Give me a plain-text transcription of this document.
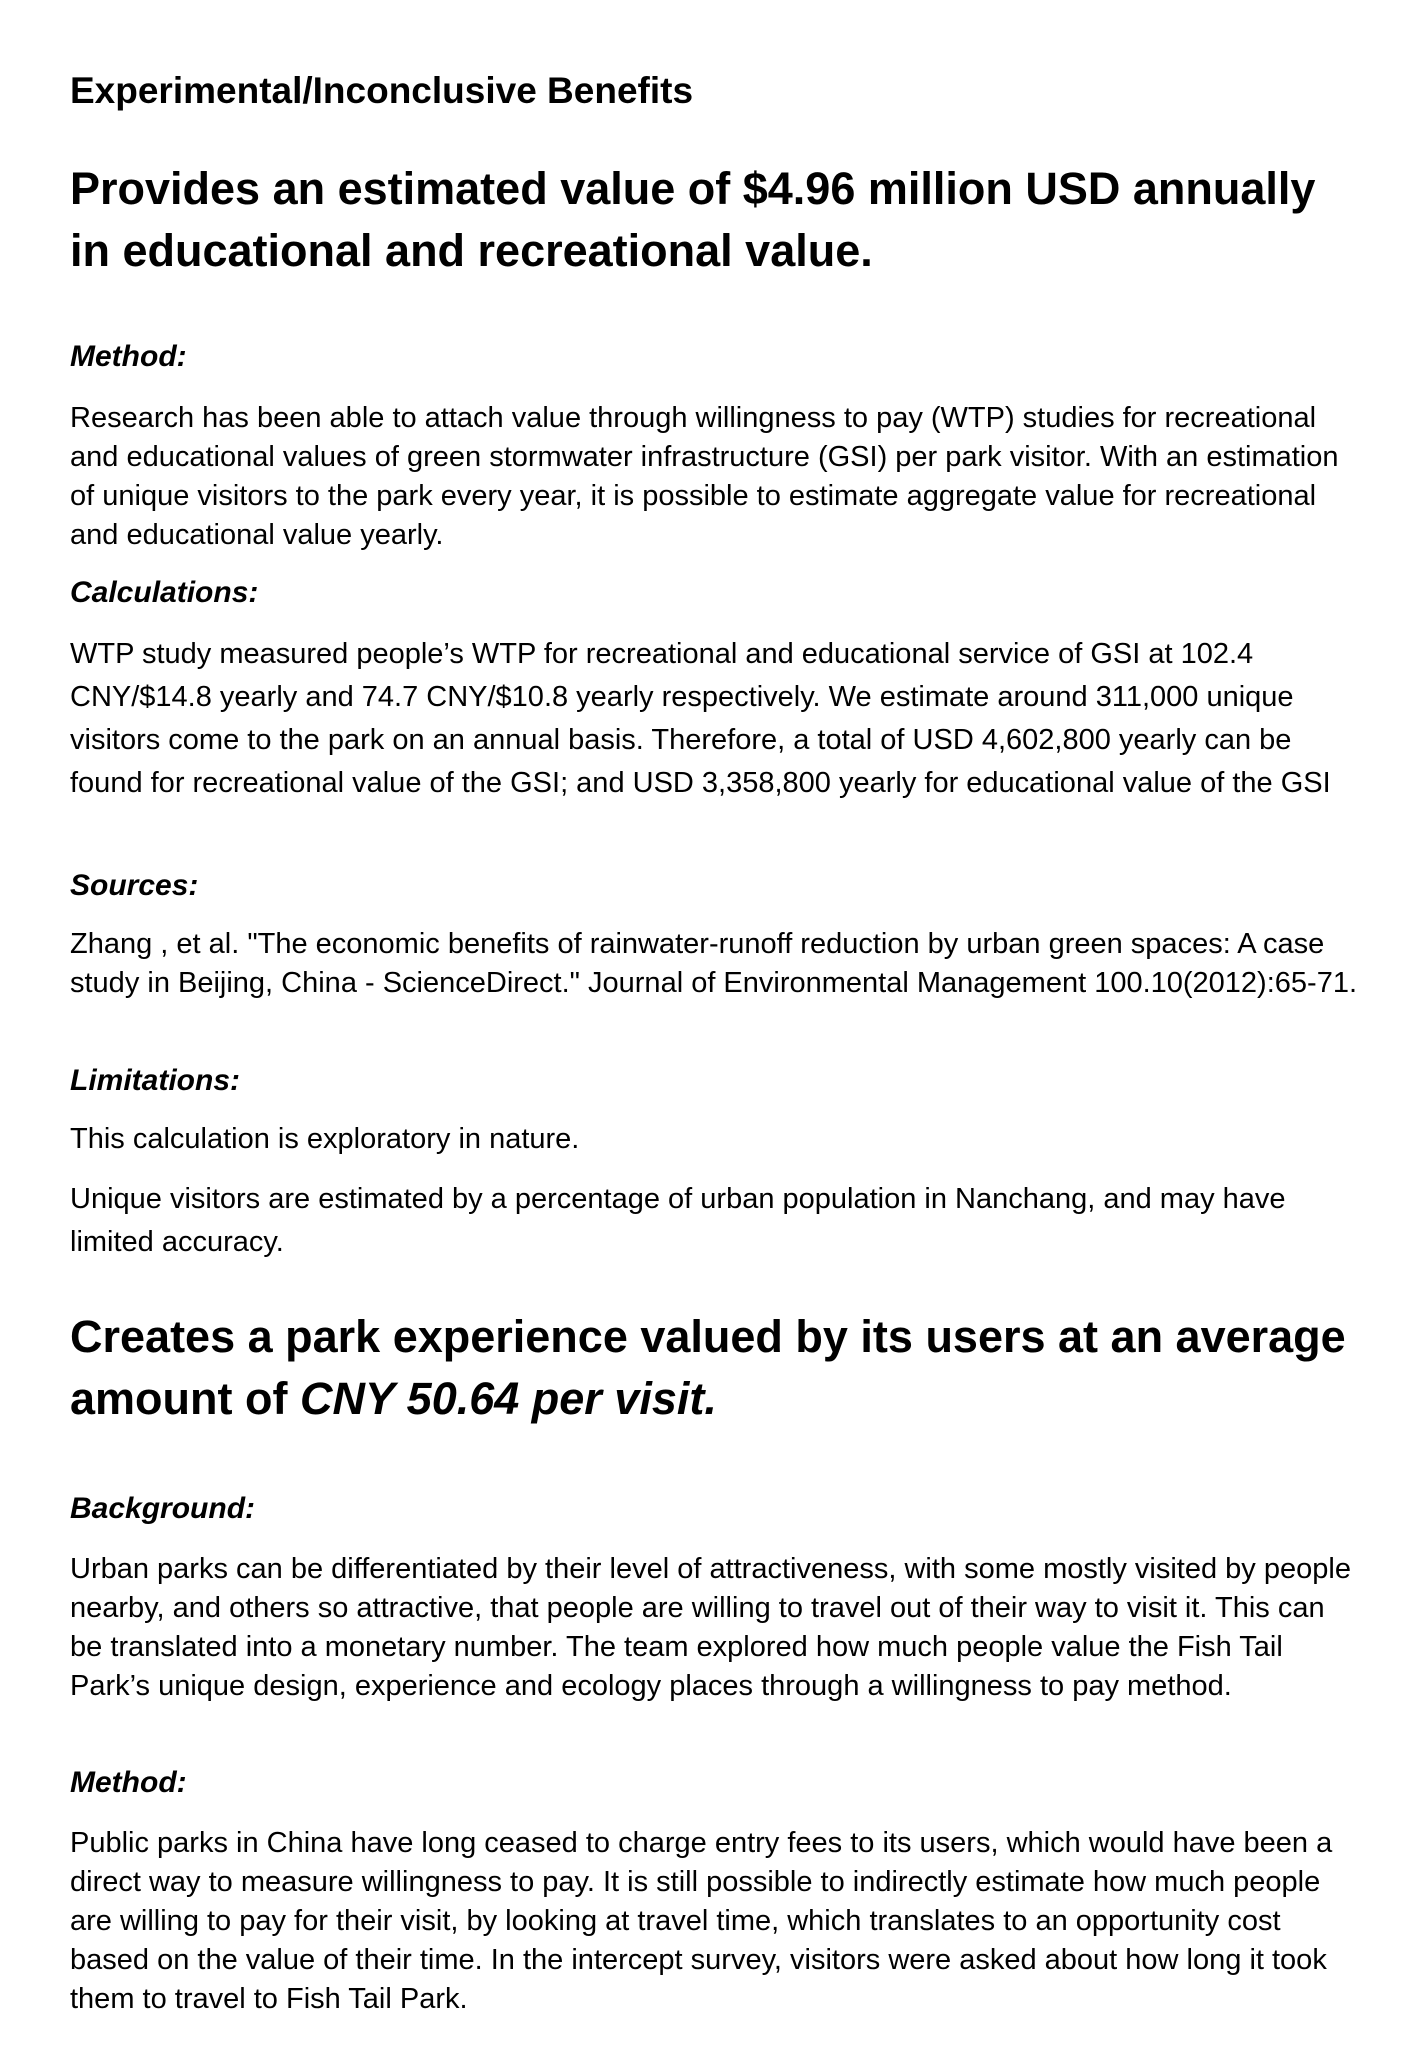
Experimental/Inconclusive Benefits
Provides an estimated value of $4.96 million USD annually in educational and recreational value.
Method:

Research has been able to attach value through willingness to pay (WTP) studies for recreational and educational values of green stormwater infrastructure (GSI) per park visitor. With an estimation of unique visitors to the park every year, it is possible to estimate aggregate value for recreational and educational value yearly.

Calculations:

WTP study measured people’s WTP for recreational and educational service of GSI at 102.4 CNY/$14.8 yearly and 74.7 CNY/$10.8 yearly respectively. We estimate around 311,000 unique visitors come to the park on an annual basis. Therefore, a total of USD 4,602,800 yearly can be found for recreational value of the GSI; and USD 3,358,800 yearly for educational value of the GSI

Sources:

Zhang , et al. "The economic benefits of rainwater-runoff reduction by urban green spaces: A case study in Beijing, China - ScienceDirect." Journal of Environmental Management 100.10(2012):65-71.

Limitations:

This calculation is exploratory in nature.

Unique visitors are estimated by a percentage of urban population in Nanchang, and may have limited accuracy.

Creates a park experience valued by its users at an average amount of CNY 50.64 per visit.
Background:

Urban parks can be differentiated by their level of attractiveness, with some mostly visited by people nearby, and others so attractive, that people are willing to travel out of their way to visit it. This can be translated into a monetary number. The team explored how much people value the Fish Tail Park’s unique design, experience and ecology places through a willingness to pay method.

Method:

Public parks in China have long ceased to charge entry fees to its users, which would have been a direct way to measure willingness to pay. It is still possible to indirectly estimate how much people are willing to pay for their visit, by looking at travel time, which translates to an opportunity cost based on the value of their time. In the intercept survey, visitors were asked about how long it took them to travel to Fish Tail Park.
